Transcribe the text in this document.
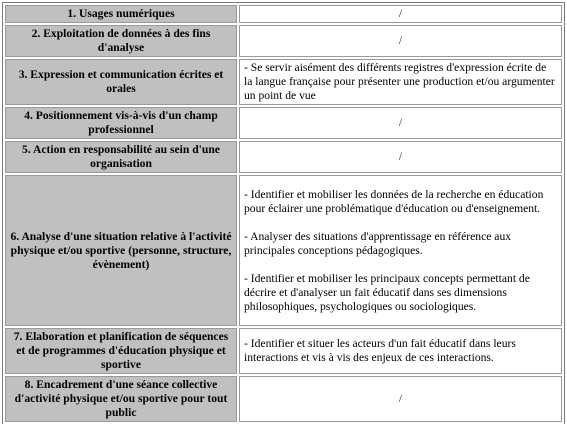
1. Usages numériques	/

2. Exploitation de données à des fins d'analyse	/

3. Expression et communication écrites et orales	- Se servir aisément des différents registres d'expression écrite de la langue française pour présenter une production et/ou argumenter un point de vue

4. Positionnement vis-à-vis d'un champ professionnel	/

5. Action en responsabilité au sein d'une organisation	/

6. Analyse d'une situation relative à l'activité physique et/ou sportive (personne, structure, évènement)	- Identifier et mobiliser les données de la recherche en éducation pour éclairer une problématique d'éducation ou d'enseignement.
- Analyser des situations d'apprentissage en référence aux principales conceptions pédagogiques.
- Identifier et mobiliser les principaux concepts permettant de décrire et d'analyser un fait éducatif dans ses dimensions philosophiques, psychologiques ou sociologiques.

7. Elaboration et planification de séquences et de programmes d'éducation physique et sportive	- Identifier et situer les acteurs d'un fait éducatif dans leurs interactions et vis à vis des enjeux de ces interactions.

8. Encadrement d'une séance collective d'activité physique et/ou sportive pour tout public	/
